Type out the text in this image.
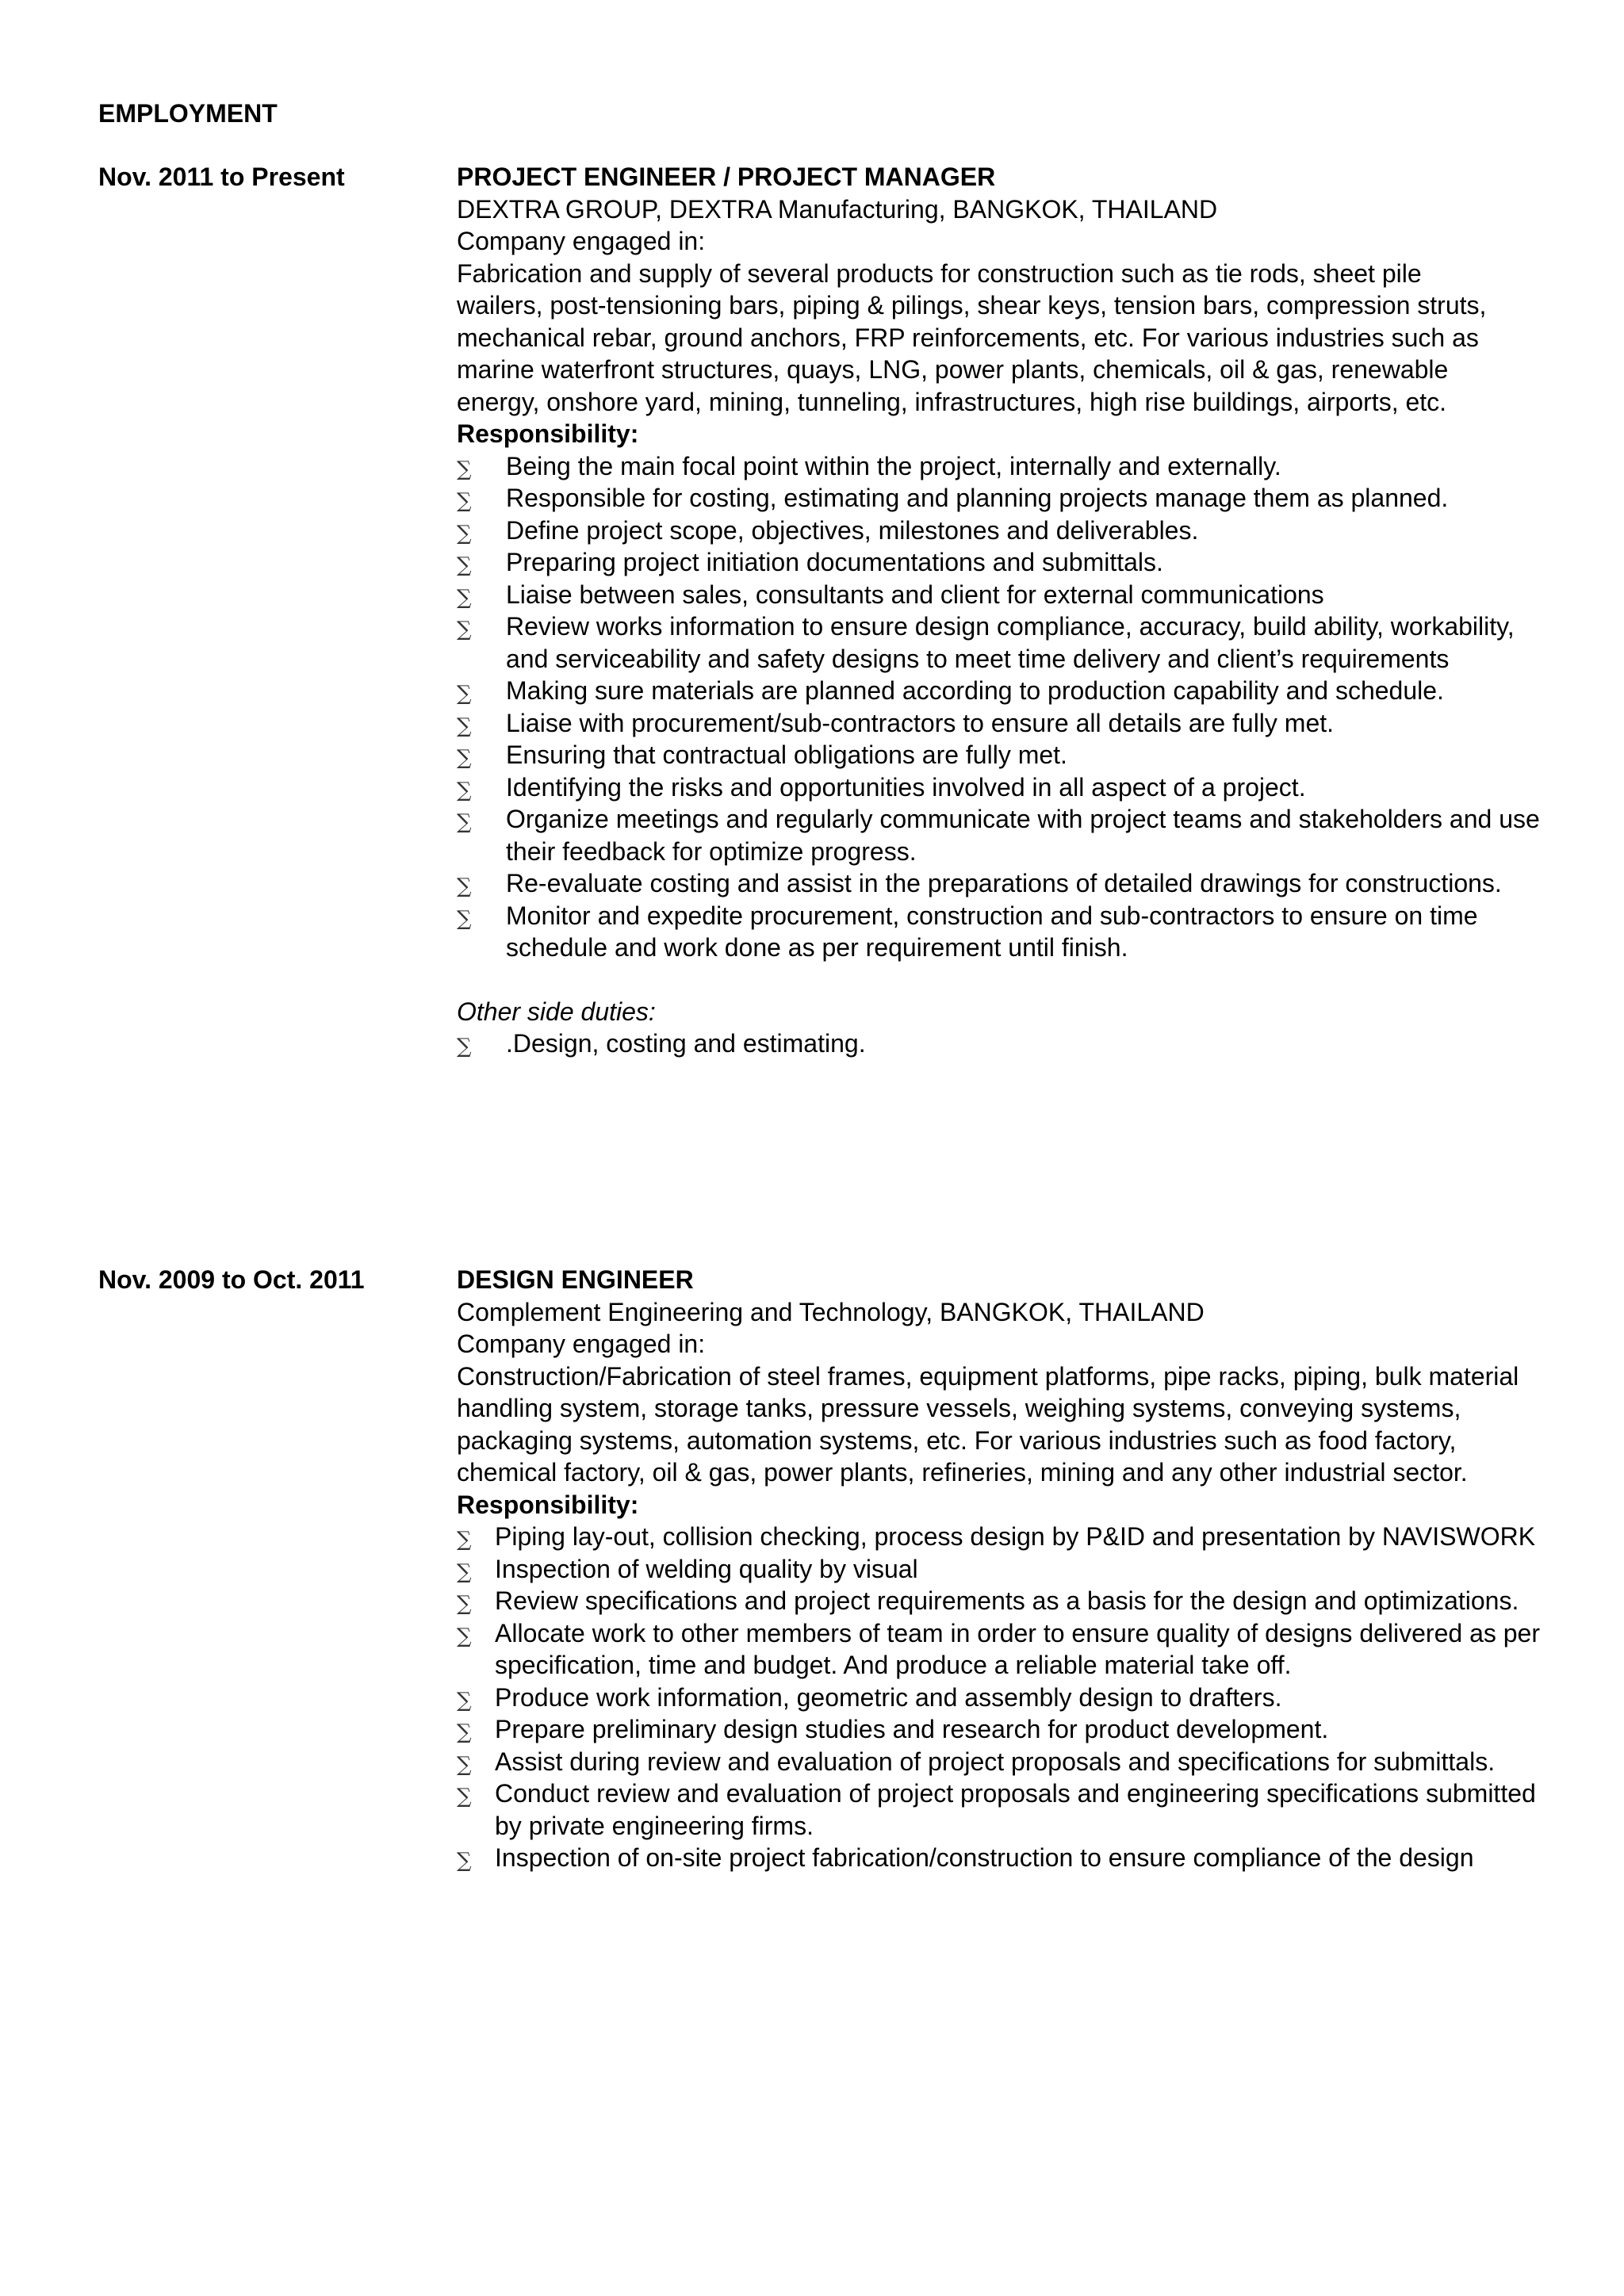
EMPLOYMENT
Nov. 2011 to Present	PROJECT ENGINEER / PROJECT MANAGER
DEXTRA GROUP, DEXTRA Manufacturing, BANGKOK, THAILAND
Company engaged in:
Fabrication and supply of several products for construction such as tie rods, sheet pile wailers, post-tensioning bars, piping & pilings, shear keys, tension bars, compression struts, mechanical rebar, ground anchors, FRP reinforcements, etc. For various industries such as marine waterfront structures, quays, LNG, power plants, chemicals, oil & gas, renewable energy, onshore yard, mining, tunneling, infrastructures, high rise buildings, airports, etc.
Responsibility:
∑ Being the main focal point within the project, internally and externally.
∑ Responsible for costing, estimating and planning projects manage them as planned.
∑ Define project scope, objectives, milestones and deliverables.
∑ Preparing project initiation documentations and submittals.
∑ Liaise between sales, consultants and client for external communications
∑ Review works information to ensure design compliance, accuracy, build ability, workability, and serviceability and safety designs to meet time delivery and client’s requirements
∑ Making sure materials are planned according to production capability and schedule.
∑ Liaise with procurement/sub-contractors to ensure all details are fully met.
∑ Ensuring that contractual obligations are fully met.
∑ Identifying the risks and opportunities involved in all aspect of a project.
∑ Organize meetings and regularly communicate with project teams and stakeholders and use their feedback for optimize progress.
∑ Re-evaluate costing and assist in the preparations of detailed drawings for constructions.
∑ Monitor and expedite procurement, construction and sub-contractors to ensure on time schedule and work done as per requirement until finish.
Other side duties:
∑ .Design, costing and estimating.
Nov. 2009 to Oct. 2011	DESIGN ENGINEER
Complement Engineering and Technology, BANGKOK, THAILAND
Company engaged in:
Construction/Fabrication of steel frames, equipment platforms, pipe racks, piping, bulk material handling system, storage tanks, pressure vessels, weighing systems, conveying systems, packaging systems, automation systems, etc. For various industries such as food factory, chemical factory, oil & gas, power plants, refineries, mining and any other industrial sector.
Responsibility:
∑ Piping lay-out, collision checking, process design by P&ID and presentation by NAVISWORK
∑ Inspection of welding quality by visual
∑ Review specifications and project requirements as a basis for the design and optimizations.
∑ Allocate work to other members of team in order to ensure quality of designs delivered as per specification, time and budget. And produce a reliable material take off.
∑ Produce work information, geometric and assembly design to drafters.
∑ Prepare preliminary design studies and research for product development.
∑ Assist during review and evaluation of project proposals and specifications for submittals.
∑ Conduct review and evaluation of project proposals and engineering specifications submitted by private engineering firms.
∑ Inspection of on-site project fabrication/construction to ensure compliance of the design
